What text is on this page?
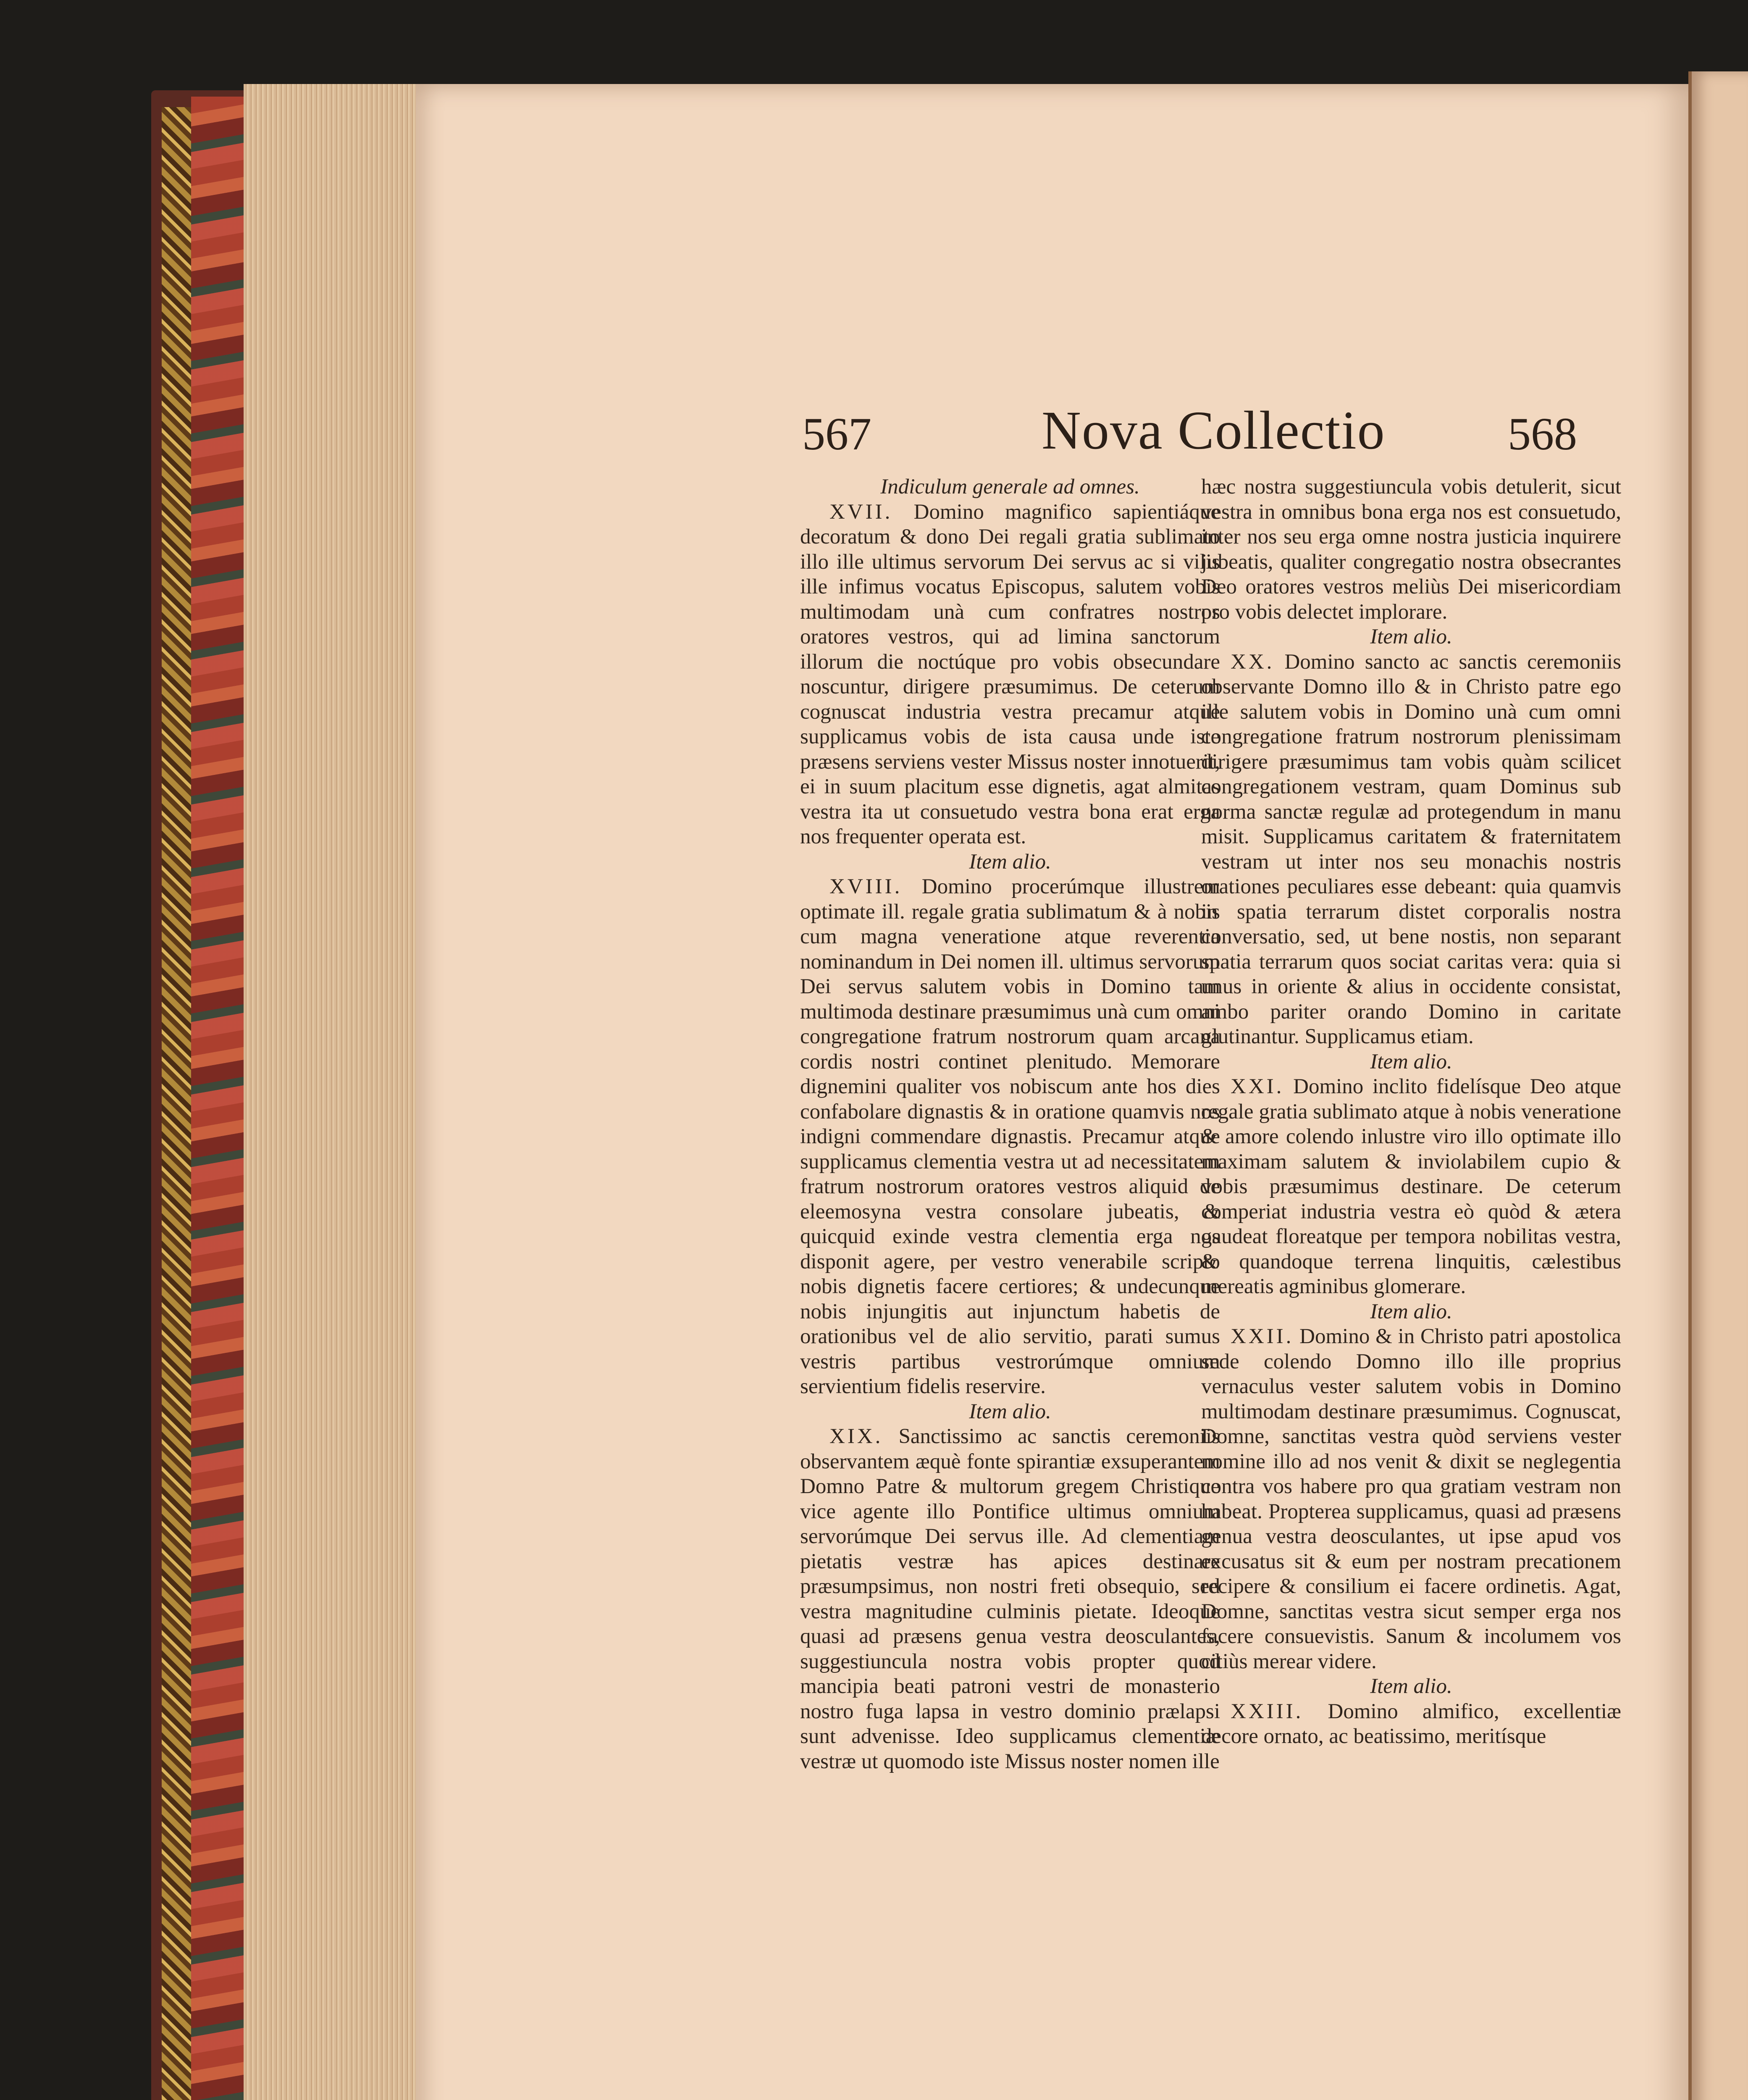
567	Nova Collectio	568

Indiculum generale ad omnes.

XVII. Domino magnifico sapientiáque decoratum & dono Dei regali gratia sublimato illo ille ultimus servorum Dei servus ac si vilis ille infimus vocatus Episcopus, salutem vobis multimodam unà cum confratres nostros oratores vestros, qui ad limina sanctorum illorum die noctúque pro vobis obsecundare noscuntur, dirigere præsumimus. De ceterum cognuscat industria vestra precamur atque supplicamus vobis de ista causa unde iste præsens serviens vester Missus noster innotuerit, ei in suum placitum esse dignetis, agat almitas vestra ita ut consuetudo vestra bona erat erga nos frequenter operata est.

Item alio.

XVIII. Domino procerúmque illustrem optimate ill. regale gratia sublimatum & à nobis cum magna veneratione atque reverentia nominandum in Dei nomen ill. ultimus servorum Dei servus salutem vobis in Domino tam multimoda destinare præsumimus unà cum omni congregatione fratrum nostrorum quam arcana cordis nostri continet plenitudo. Memorare dignemini qualiter vos nobiscum ante hos dies confabolare dignastis & in oratione quamvis nos indigni commendare dignastis. Precamur atque supplicamus clementia vestra ut ad necessitatem fratrum nostrorum oratores vestros aliquid de eleemosyna vestra consolare jubeatis, & quicquid exinde vestra clementia erga nos disponit agere, per vestro venerabile scripto nobis dignetis facere certiores; & undecunque nobis injungitis aut injunctum habetis de orationibus vel de alio servitio, parati sumus vestris partibus vestrorúmque omnium servientium fidelis reservire.

Item alio.

XIX. Sanctissimo ac sanctis ceremoniis observantem æquè fonte spirantiæ exsuperantem Domno Patre & multorum gregem Christique vice agente illo Pontifice ultimus omnium servorúmque Dei servus ille. Ad clementiam pietatis vestræ has apices destinare præsumpsimus, non nostri freti obsequio, sed vestra magnitudine culminis pietate. Ideoque quasi ad præsens genua vestra deosculantes, suggestiuncula nostra vobis propter quod mancipia beati patroni vestri de monasterio nostro fuga lapsa in vestro dominio prælapsi sunt advenisse. Ideo supplicamus clementiæ vestræ ut quomodo iste Missus noster nomen ille

hæc nostra suggestiuncula vobis detulerit, sicut vestra in omnibus bona erga nos est consuetudo, inter nos seu erga omne nostra justicia inquirere jubeatis, qualiter congregatio nostra obsecrantes Deo oratores vestros meliùs Dei misericordiam pro vobis delectet implorare.

Item alio.

XX. Domino sancto ac sanctis ceremoniis observante Domno illo & in Christo patre ego ille salutem vobis in Domino unà cum omni congregatione fratrum nostrorum plenissimam dirigere præsumimus tam vobis quàm scilicet congregationem vestram, quam Dominus sub norma sanctæ regulæ ad protegendum in manu misit. Supplicamus caritatem & fraternitatem vestram ut inter nos seu monachis nostris orationes peculiares esse debeant: quia quamvis in spatia terrarum distet corporalis nostra conversatio, sed, ut bene nostis, non separant spatia terrarum quos sociat caritas vera: quia si unus in oriente & alius in occidente consistat, ambo pariter orando Domino in caritate glutinantur. Supplicamus etiam.

Item alio.

XXI. Domino inclito fidelísque Deo atque regale gratia sublimato atque à nobis veneratione & amore colendo inlustre viro illo optimate illo maximam salutem & inviolabilem cupio & vobis præsumimus destinare. De ceterum comperiat industria vestra eò quòd & ætera gaudeat floreatque per tempora nobilitas vestra, & quandoque terrena linquitis, cælestibus mereatis agminibus glomerare.

Item alio.

XXII. Domino & in Christo patri apostolica sede colendo Domno illo ille proprius vernaculus vester salutem vobis in Domino multimodam destinare præsumimus. Cognuscat, Domne, sanctitas vestra quòd serviens vester nomine illo ad nos venit & dixit se neglegentia contra vos habere pro qua gratiam vestram non habeat. Propterea supplicamus, quasi ad præsens genua vestra deosculantes, ut ipse apud vos excusatus sit & eum per nostram precationem recipere & consilium ei facere ordinetis. Agat, Domne, sanctitas vestra sicut semper erga nos facere consuevistis. Sanum & incolumem vos citiùs merear videre.

Item alio.

XXIII. Domino almifico, excellentiæ decore ornato, ac beatissimo, meritísque
